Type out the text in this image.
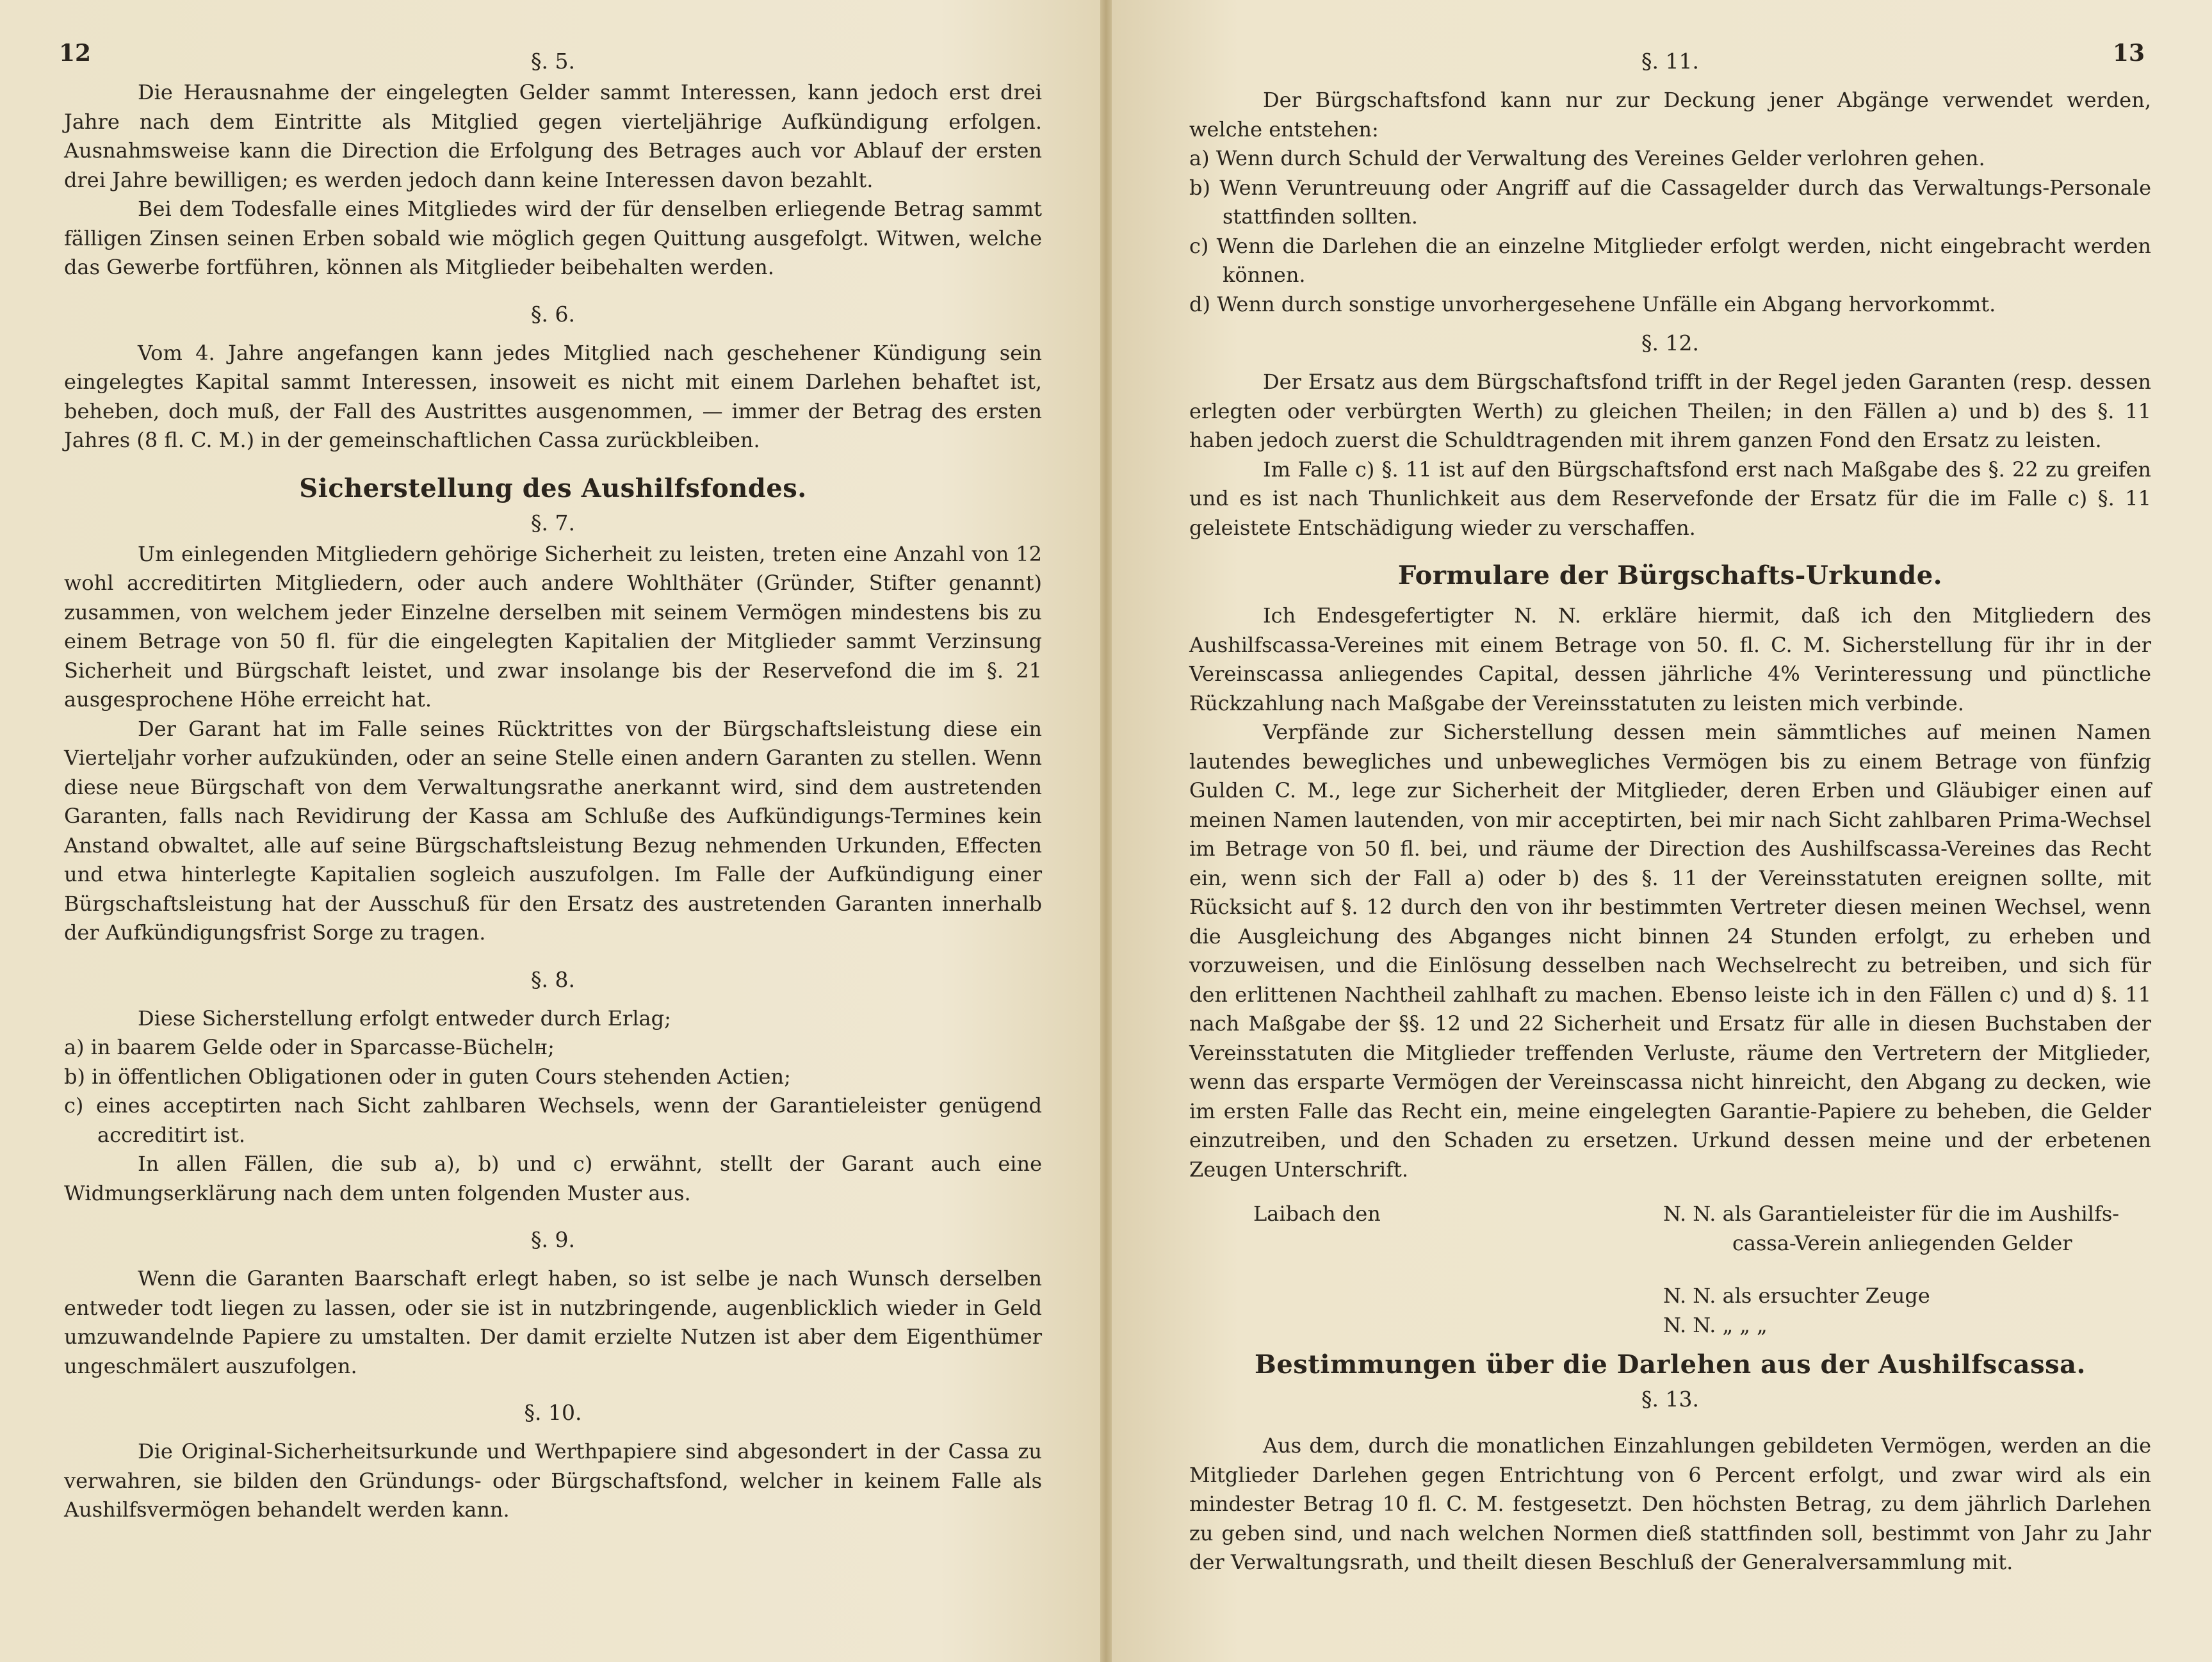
12	§. 5.

Die Herausnahme der eingelegten Gelder sammt Interessen, kann jedoch erst drei Jahre nach dem Eintritte als Mitglied gegen vierteljährige Aufkündigung erfolgen. Ausnahmsweise kann die Direction die Erfolgung des Betrages auch vor Ablauf der ersten drei Jahre bewilligen; es werden jedoch dann keine Interessen davon bezahlt.

Bei dem Todesfalle eines Mitgliedes wird der für denselben erliegende Betrag sammt fälligen Zinsen seinen Erben sobald wie möglich gegen Quittung ausgefolgt. Witwen, welche das Gewerbe fortführen, können als Mitglieder beibehalten werden.

§. 6.

Vom 4. Jahre angefangen kann jedes Mitglied nach geschehener Kündigung sein eingelegtes Kapital sammt Interessen, insoweit es nicht mit einem Darlehen behaftet ist, beheben, doch muß, der Fall des Austrittes ausgenommen, — immer der Betrag des ersten Jahres (8 fl. C. M.) in der gemeinschaftlichen Cassa zurückbleiben.

Sicherstellung des Aushilfsfondes.

§. 7.

Um einlegenden Mitgliedern gehörige Sicherheit zu leisten, treten eine Anzahl von 12 wohl accreditirten Mitgliedern, oder auch andere Wohlthäter (Gründer, Stifter genannt) zusammen, von welchem jeder Einzelne derselben mit seinem Vermögen mindestens bis zu einem Betrage von 50 fl. für die eingelegten Kapitalien der Mitglieder sammt Verzinsung Sicherheit und Bürgschaft leistet, und zwar insolange bis der Reservefond die im §. 21 ausgesprochene Höhe erreicht hat.

Der Garant hat im Falle seines Rücktrittes von der Bürgschaftsleistung diese ein Vierteljahr vorher aufzukünden, oder an seine Stelle einen andern Garanten zu stellen. Wenn diese neue Bürgschaft von dem Verwaltungsrathe anerkannt wird, sind dem austretenden Garanten, falls nach Revidirung der Kassa am Schluße des Aufkündigungs-Termines kein Anstand obwaltet, alle auf seine Bürgschaftsleistung Bezug nehmenden Urkunden, Effecten und etwa hinterlegte Kapitalien sogleich auszufolgen. Im Falle der Aufkündigung einer Bürgschaftsleistung hat der Ausschuß für den Ersatz des austretenden Garanten innerhalb der Aufkündigungsfrist Sorge zu tragen.

§. 8.

Diese Sicherstellung erfolgt entweder durch Erlag;

a) in baarem Gelde oder in Sparcasse-Büchelн;

b) in öffentlichen Obligationen oder in guten Cours stehenden Actien;

c) eines acceptirten nach Sicht zahlbaren Wechsels, wenn der Garantieleister genügend accreditirt ist.

In allen Fällen, die sub a), b) und c) erwähnt, stellt der Garant auch eine Widmungserklärung nach dem unten folgenden Muster aus.

§. 9.

Wenn die Garanten Baarschaft erlegt haben, so ist selbe je nach Wunsch derselben entweder todt liegen zu lassen, oder sie ist in nutzbringende, augenblicklich wieder in Geld umzuwandelnde Papiere zu umstalten. Der damit erzielte Nutzen ist aber dem Eigenthümer ungeschmälert auszufolgen.

§. 10.

Die Original-Sicherheitsurkunde und Werthpapiere sind abgesondert in der Cassa zu verwahren, sie bilden den Gründungs- oder Bürgschaftsfond, welcher in keinem Falle als Aushilfsvermögen behandelt werden kann.

13

§. 11.

Der Bürgschaftsfond kann nur zur Deckung jener Abgänge verwendet werden, welche entstehen:

a) Wenn durch Schuld der Verwaltung des Vereines Gelder verlohren gehen.

b) Wenn Veruntreuung oder Angriff auf die Cassagelder durch das Verwaltungs-Personale stattfinden sollten.

c) Wenn die Darlehen die an einzelne Mitglieder erfolgt werden, nicht eingebracht werden können.

d) Wenn durch sonstige unvorhergesehene Unfälle ein Abgang hervorkommt.

§. 12.

Der Ersatz aus dem Bürgschaftsfond trifft in der Regel jeden Garanten (resp. dessen erlegten oder verbürgten Werth) zu gleichen Theilen; in den Fällen a) und b) des §. 11 haben jedoch zuerst die Schuldtragenden mit ihrem ganzen Fond den Ersatz zu leisten.

Im Falle c) §. 11 ist auf den Bürgschaftsfond erst nach Maßgabe des §. 22 zu greifen und es ist nach Thunlichkeit aus dem Reservefonde der Ersatz für die im Falle c) §. 11 geleistete Entschädigung wieder zu verschaffen.

Formulare der Bürgschafts-Urkunde.

Ich Endesgefertigter N. N. erkläre hiermit, daß ich den Mitgliedern des Aushilfscassa-Vereines mit einem Betrage von 50. fl. C. M. Sicherstellung für ihr in der Vereinscassa anliegendes Capital, dessen jährliche 4% Verinteressung und pünctliche Rückzahlung nach Maßgabe der Vereinsstatuten zu leisten mich verbinde.

Verpfände zur Sicherstellung dessen mein sämmtliches auf meinen Namen lautendes bewegliches und unbewegliches Vermögen bis zu einem Betrage von fünfzig Gulden C. M., lege zur Sicherheit der Mitglieder, deren Erben und Gläubiger einen auf meinen Namen lautenden, von mir acceptirten, bei mir nach Sicht zahlbaren Prima-Wechsel im Betrage von 50 fl. bei, und räume der Direction des Aushilfscassa-Vereines das Recht ein, wenn sich der Fall a) oder b) des §. 11 der Vereinsstatuten ereignen sollte, mit Rücksicht auf §. 12 durch den von ihr bestimmten Vertreter diesen meinen Wechsel, wenn die Ausgleichung des Abganges nicht binnen 24 Stunden erfolgt, zu erheben und vorzuweisen, und die Einlösung desselben nach Wechselrecht zu betreiben, und sich für den erlittenen Nachtheil zahlhaft zu machen. Ebenso leiste ich in den Fällen c) und d) §. 11 nach Maßgabe der §§. 12 und 22 Sicherheit und Ersatz für alle in diesen Buchstaben der Vereinsstatuten die Mitglieder treffenden Verluste, räume den Vertretern der Mitglieder, wenn das ersparte Vermögen der Vereinscassa nicht hinreicht, den Abgang zu decken, wie im ersten Falle das Recht ein, meine eingelegten Garantie-Papiere zu beheben, die Gelder einzutreiben, und den Schaden zu ersetzen. Urkund dessen meine und der erbetenen Zeugen Unterschrift.

Laibach den	N. N. als Garantieleister für die im Aushilfs-
cassa-Verein anliegenden Gelder
N. N. als ersuchter Zeuge
N. N. „ „ „

Bestimmungen über die Darlehen aus der Aushilfscassa.

§. 13.

Aus dem, durch die monatlichen Einzahlungen gebildeten Vermögen, werden an die Mitglieder Darlehen gegen Entrichtung von 6 Percent erfolgt, und zwar wird als ein mindester Betrag 10 fl. C. M. festgesetzt. Den höchsten Betrag, zu dem jährlich Darlehen zu geben sind, und nach welchen Normen dieß stattfinden soll, bestimmt von Jahr zu Jahr der Verwaltungsrath, und theilt diesen Beschluß der Generalversammlung mit.
